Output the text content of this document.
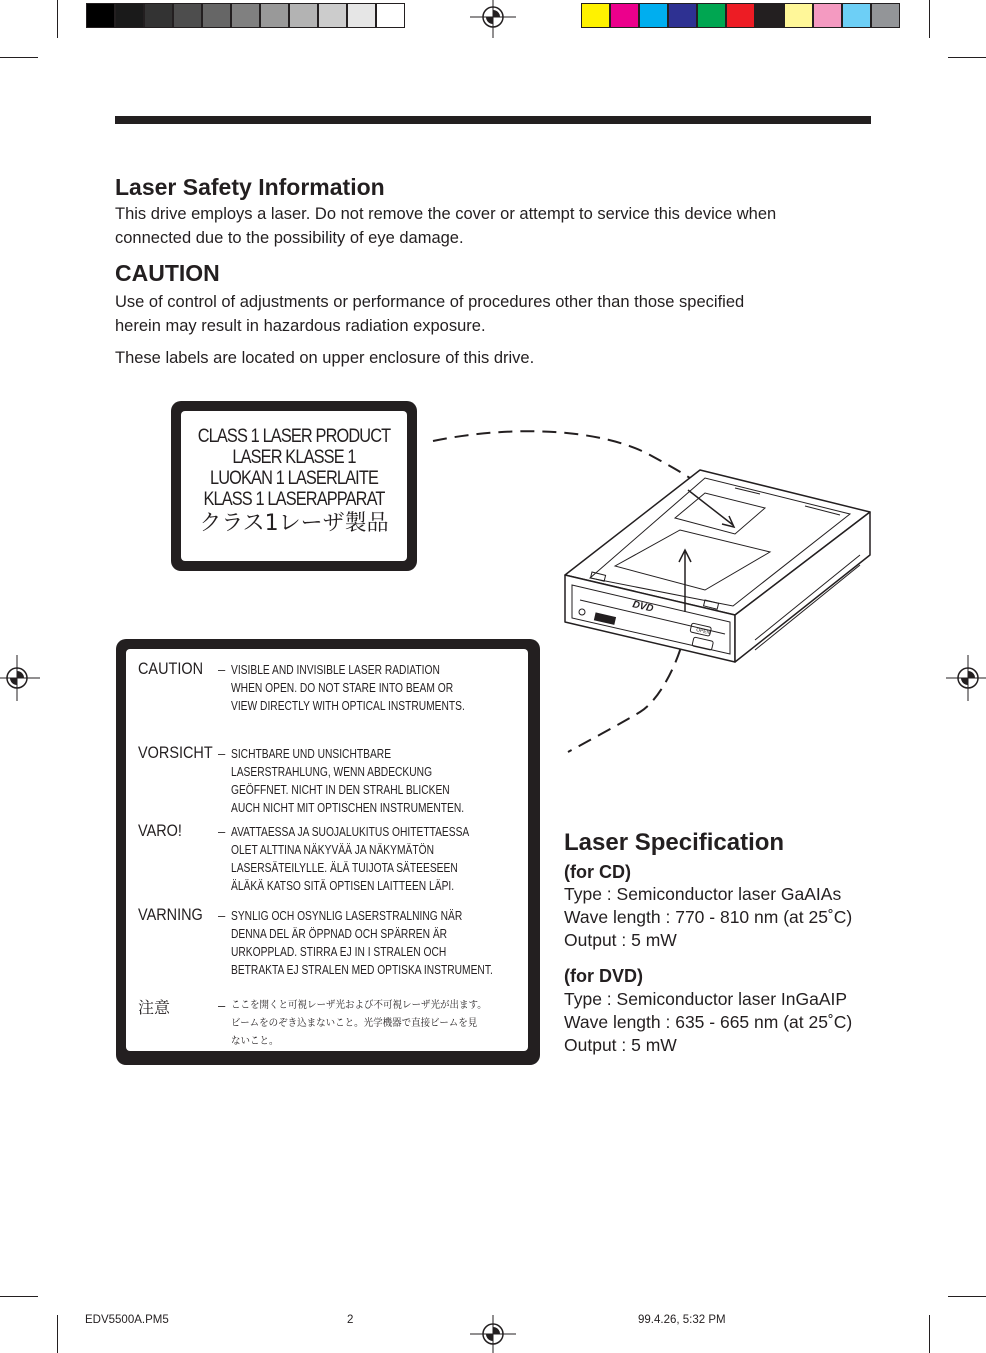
Laser Safety Information
This drive employs a laser. Do not remove the cover or attempt to service this device when
connected due to the possibility of eye damage.
CAUTION
Use of control of adjustments or performance of procedures other than those specified
herein may result in hazardous radiation exposure.
These labels are located on upper enclosure of this drive.
CLASS 1 LASER PRODUCT
LASER KLASSE 1
LUOKAN 1 LASERLAITE
KLASS 1 LASERAPPARAT
クラス1レーザ製品
DVD
OPEN
CAUTION – VISIBLE AND INVISIBLE LASER RADIATION
WHEN OPEN. DO NOT STARE INTO BEAM OR
VIEW DIRECTLY WITH OPTICAL INSTRUMENTS.
VORSICHT – SICHTBARE UND UNSICHTBARE
LASERSTRAHLUNG, WENN ABDECKUNG
GEÖFFNET. NICHT IN DEN STRAHL BLICKEN
AUCH NICHT MIT OPTISCHEN INSTRUMENTEN.
VARO!	– AVATTAESSA JA SUOJALUKITUS OHITETTAESSA
OLET ALTTINA NÄKYVÄÄ JA NÄKYMÄTÖN
LASERSÄTEILYLLE. ÄLÄ TUIJOTA SÄTEESEEN
ÄLÄKÄ KATSO SITÄ OPTISEN LAITTEEN LÄPI.
VARNING – SYNLIG OCH OSYNLIG LASERSTRALNING NÄR
DENNA DEL ÄR ÖPPNAD OCH SPÄRREN ÄR
URKOPPLAD. STIRRA EJ IN I STRALEN OCH
BETRAKTA EJ STRALEN MED OPTISKA INSTRUMENT.
注意	– ここを開くと可視レーザ光および不可視レーザ光が出ます。
ビームをのぞき込まないこと。光学機器で直接ビームを見
ないこと。
Laser Specification
(for CD)
Type : Semiconductor laser GaAIAs
Wave length : 770 - 810 nm (at 25˚C)
Output : 5 mW
(for DVD)
Type : Semiconductor laser InGaAIP
Wave length : 635 - 665 nm (at 25˚C)
Output : 5 mW
EDV5500A.PM5	2	99.4.26, 5:32 PM
